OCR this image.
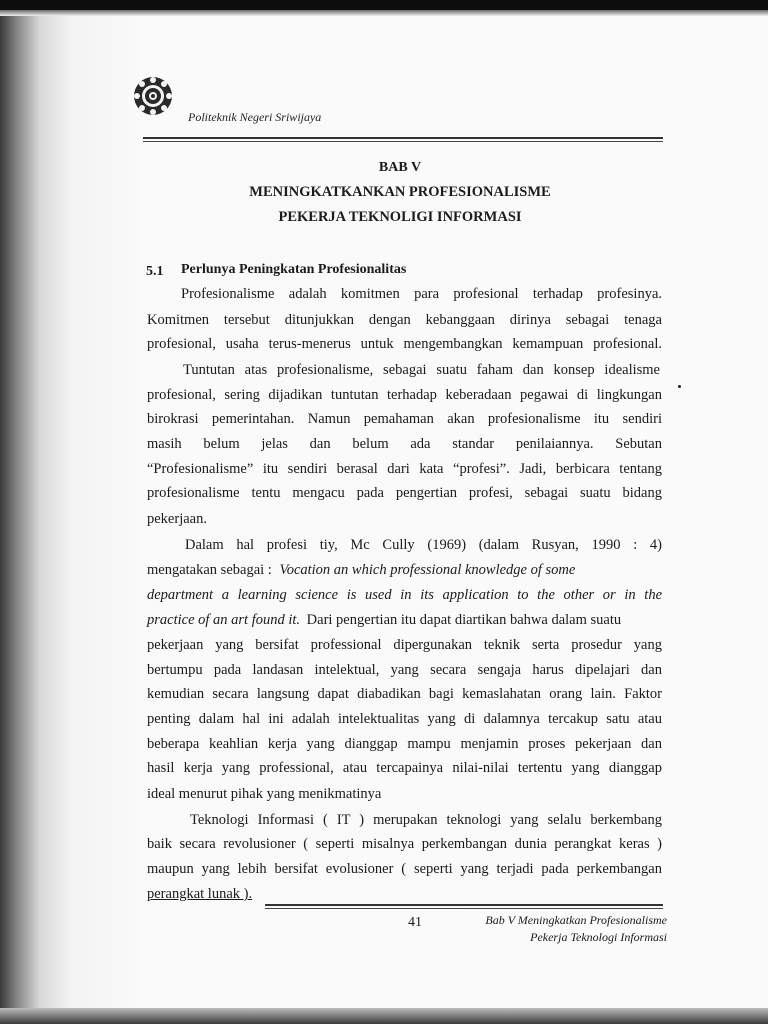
Politeknik Negeri Sriwijaya
BAB V
MENINGKATKANKAN PROFESIONALISME
PEKERJA TEKNOLIGI INFORMASI
5.1 Perlunya Peningkatan Profesionalitas
Profesionalisme adalah komitmen para profesional terhadap profesinya.
Komitmen tersebut ditunjukkan dengan kebanggaan dirinya sebagai tenaga
profesional, usaha terus-menerus untuk mengembangkan kemampuan profesional.
Tuntutan atas profesionalisme, sebagai suatu faham dan konsep idealisme
profesional, sering dijadikan tuntutan terhadap keberadaan pegawai di lingkungan
birokrasi pemerintahan. Namun pemahaman akan profesionalisme itu sendiri
masih belum jelas dan belum ada standar penilaiannya. Sebutan
“Profesionalisme” itu sendiri berasal dari kata “profesi”. Jadi, berbicara tentang
profesionalisme tentu mengacu pada pengertian profesi, sebagai suatu bidang
pekerjaan.
Dalam hal profesi tiy, Mc Cully (1969) (dalam Rusyan, 1990 : 4)
mengatakan sebagai : Vocation an which professional knowledge of some
department a learning science is used in its application to the other or in the
practice of an art found it. Dari pengertian itu dapat diartikan bahwa dalam suatu
pekerjaan yang bersifat professional dipergunakan teknik serta prosedur yang
bertumpu pada landasan intelektual, yang secara sengaja harus dipelajari dan
kemudian secara langsung dapat diabadikan bagi kemaslahatan orang lain. Faktor
penting dalam hal ini adalah intelektualitas yang di dalamnya tercakup satu atau
beberapa keahlian kerja yang dianggap mampu menjamin proses pekerjaan dan
hasil kerja yang professional, atau tercapainya nilai-nilai tertentu yang dianggap
ideal menurut pihak yang menikmatinya
Teknologi Informasi ( IT ) merupakan teknologi yang selalu berkembang
baik secara revolusioner ( seperti misalnya perkembangan dunia perangkat keras )
maupun yang lebih bersifat evolusioner ( seperti yang terjadi pada perkembangan
perangkat lunak ).
41	Bab V Meningkatkan Profesionalisme
Pekerja Teknologi Informasi
